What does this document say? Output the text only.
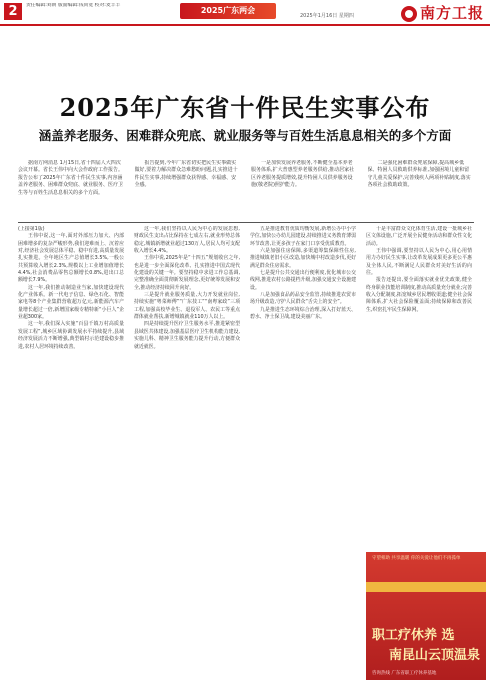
2	责任编辑:刘朗 版面编辑:钱同宽 校对:麦丰丰
2025广东两会
2025年1月16日 星期四	南方工报
2025年广东省十件民生实事公布
涵盖养老服务、困难群众兜底、就业服务等与百姓生活息息相关的多个方面
据南方网消息 1月15日,省十四届人大四次会议开幕。省长王伟中向大会作政府工作报告。报告公布了2025年广东省十件民生实事,内容涵盖养老服务、困难群众兜底、就业服务、医疗卫生等与百姓生活息息相关的多个方面。
报告提到,今年广东省切实把民生实事做实做好,要着力解决群众急难愁盼问题,扎实推进十件民生实事,持续增强群众获得感、幸福感、安全感。
一是加快发展养老服务,不断健全基本养老服务体系,扩大普惠型养老服务供给,推动居家社区养老服务提质增效,提升特困人员供养服务设施(敬老院)照护能力。
二是强化困难群众兜底保障,提高城乡低保、特困人员救助供养标准,加强困境儿童和留守儿童关爱保护,完善残疾人两项补贴制度,落实各项社会救助政策。

(上接第1版)

王伟中说,这一年,面对外部压力加大、内部困难增多的复杂严峻形势,我们迎难而上、沉着应对,经济社会发展总体平稳、稳中有进,高质量发展扎实推进。全年地区生产总值增长3.5%,一般公共预算收入增长2.3%,规模以上工业增加值增长4.4%,社会消费品零售总额增长0.8%,进出口总额增长7.9%。

这一年,我们推动制造业当家,加快建设现代化产业体系。新一代电子信息、绿色石化、智能家电等8个产业集群营收超万亿元,新能源汽车产量增长超过一倍,新增国家级专精特新“小巨人”企业超300家。

这一年,我们深入实施“百县千镇万村高质量发展工程”,城乡区域协调发展水平持续提升,县域经济发展活力不断增强,典型镇村示范建设稳步推进,农村人居环境持续改善。

这一年,我们坚持以人民为中心的发展思想,财政民生支出占比保持在七成左右,就业形势总体稳定,城镇新增就业超过130万人,居民人均可支配收入增长4.4%。

王伟中说,2025年是“十四五”规划收官之年,也是进一步全面深化改革、扎实推进中国式现代化建设的关键一年。要坚持稳中求进工作总基调,完整准确全面贯彻新发展理念,更好统筹发展和安全,推动经济持续回升向好。

三是提升就业服务质量,大力开发就业岗位,持续实施“粤菜师傅”“广东技工”“南粤家政”三项工程,加强高校毕业生、退役军人、农民工等重点群体就业帮扶,新增城镇就业110万人以上。

四是持续提升医疗卫生服务水平,推进紧密型县域医共体建设,加强基层医疗卫生机构能力建设,实施儿科、精神卫生服务能力提升行动,方便群众就近就医。

五是推进教育优质均衡发展,新增公办中小学学位,加快公办幼儿园建设,持续推进义务教育薄弱环节改善,让更多孩子在家门口享受优质教育。

六是加强住房保障,多渠道筹集保障性住房,推进城镇老旧小区改造,加快城中村改造步伐,更好满足群众住房需求。

七是提升公共交通出行便利度,优化城市公交线网,推进农村公路提档升级,加强交通安全设施建设。

八是加强食品药品安全监管,持续推进农贸市场升级改造,守护人民群众“舌尖上的安全”。

九是推进生态环境综合治理,深入打好蓝天、碧水、净土保卫战,建设美丽广东。

十是丰富群众文化体育生活,建设一批城乡社区文体设施,广泛开展全民健身活动和群众性文化活动。

王伟中强调,要坚持以人民为中心,用心用情用力办好民生实事,让改革发展成果更多更公平惠及全体人民,不断满足人民群众对美好生活的向往。

报告还提出,要全面落实就业优先政策,健全终身职业技能培训制度,推动高质量充分就业;完善收入分配制度,拓宽城乡居民增收渠道;健全社会保障体系,扩大社会保险覆盖面;持续保障和改善民生,织密扎牢民生保障网。

守望相助 共享温暖 你的关爱让他们不再孤单
职工疗休养 选
南昆山云顶温泉
咨询热线 广东省职工疗休养基地
